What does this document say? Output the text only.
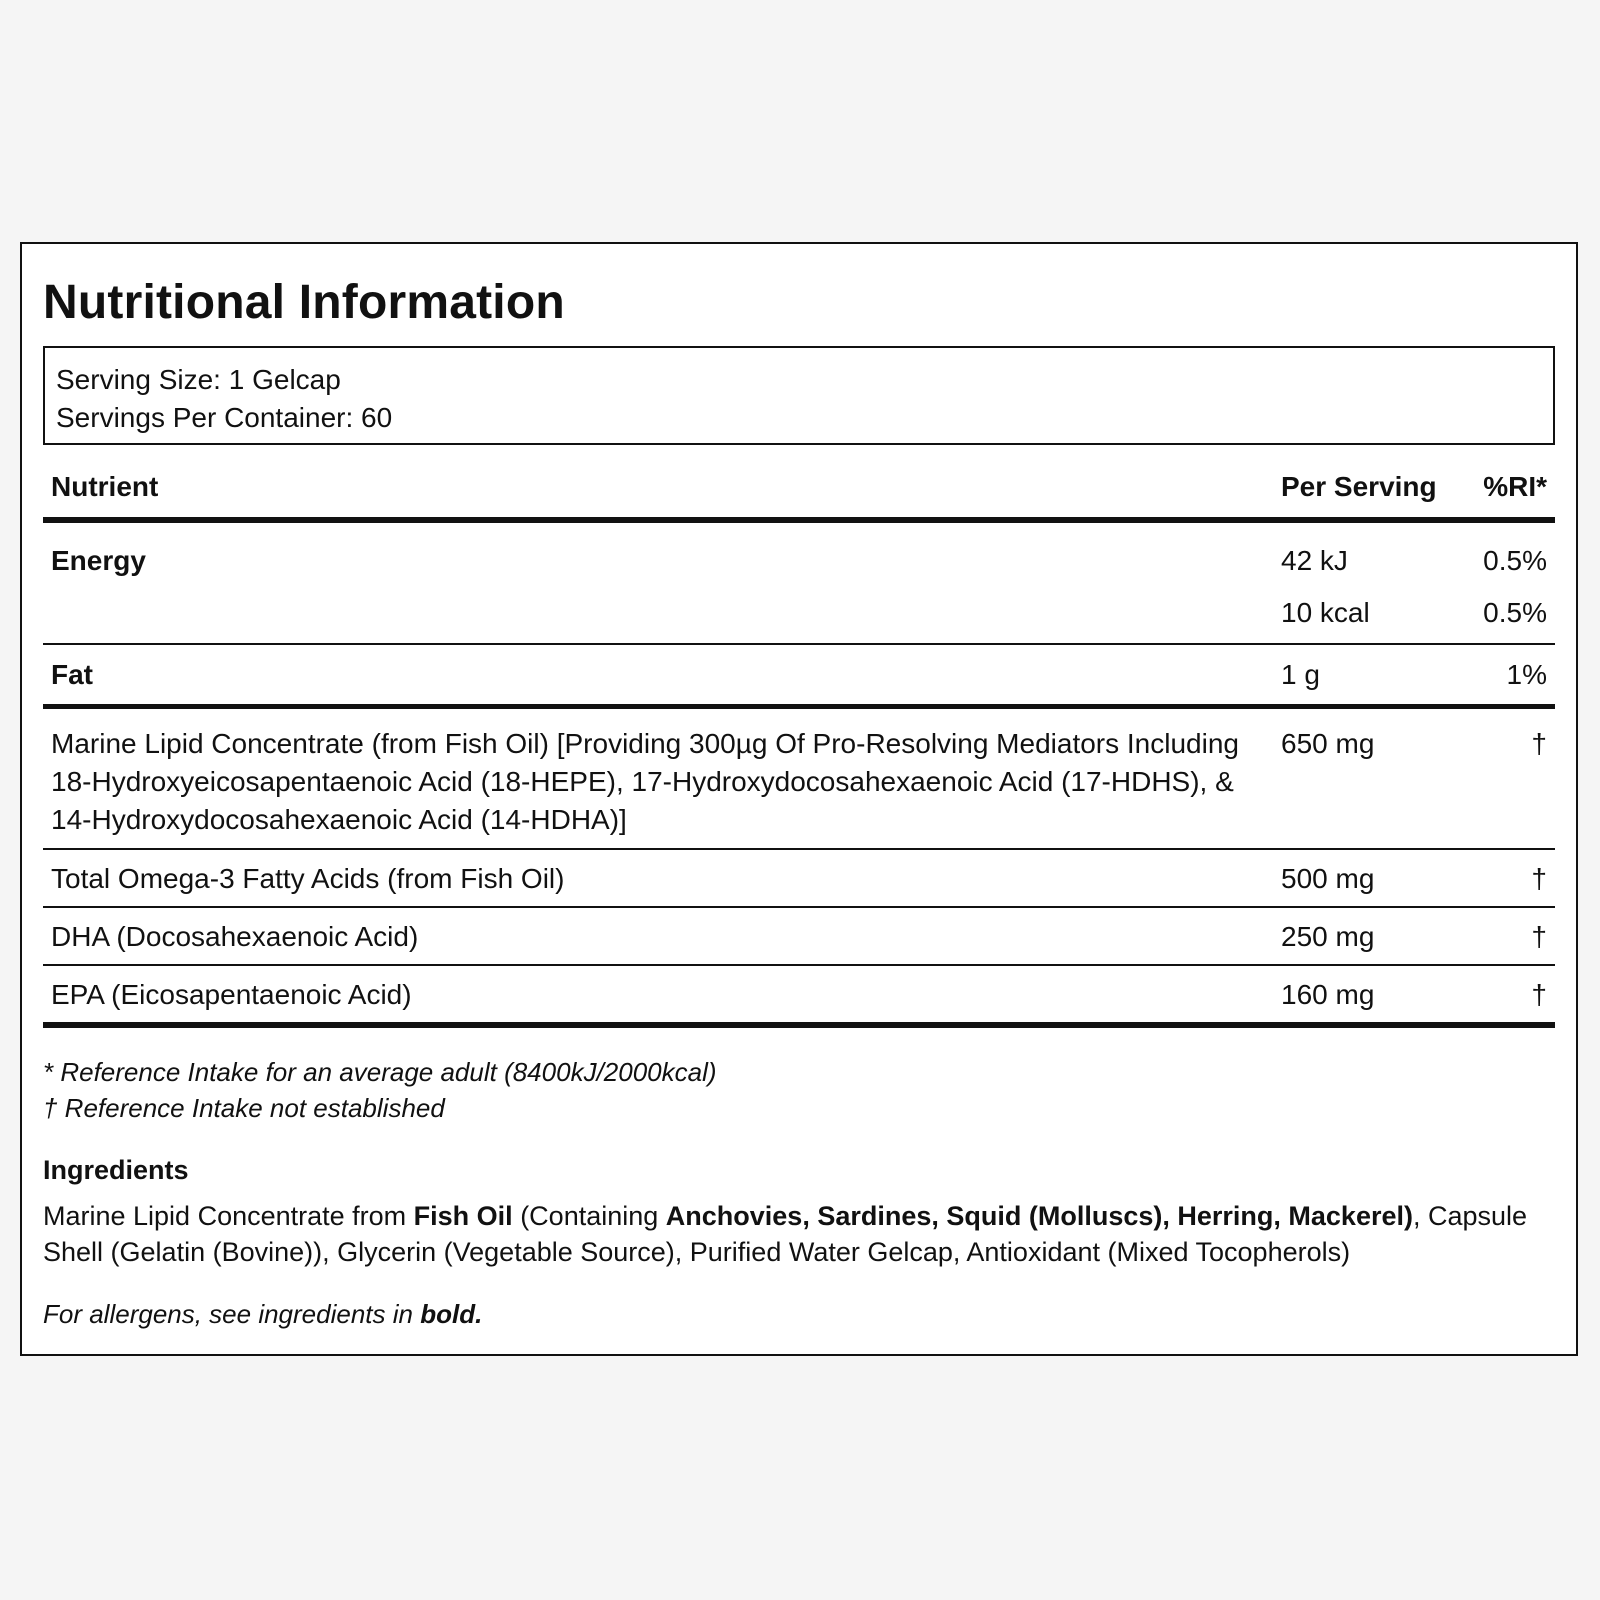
Nutritional Information
Serving Size: 1 Gelcap
Servings Per Container: 60
Nutrient	Per Serving	%RI*
Energy	42 kJ	0.5%
	10 kcal	0.5%
Fat	1 g	1%
Marine Lipid Concentrate (from Fish Oil) [Providing 300µg Of Pro-Resolving Mediators Including 18-Hydroxyeicosapentaenoic Acid (18-HEPE), 17-Hydroxydocosahexaenoic Acid (17-HDHS), & 14-Hydroxydocosahexaenoic Acid (14-HDHA)]	650 mg	†
Total Omega-3 Fatty Acids (from Fish Oil)	500 mg	†
DHA (Docosahexaenoic Acid)	250 mg	†
EPA (Eicosapentaenoic Acid)	160 mg	†
* Reference Intake for an average adult (8400kJ/2000kcal)
† Reference Intake not established
Ingredients
Marine Lipid Concentrate from Fish Oil (Containing Anchovies, Sardines, Squid (Molluscs), Herring, Mackerel), Capsule Shell (Gelatin (Bovine)), Glycerin (Vegetable Source), Purified Water Gelcap, Antioxidant (Mixed Tocopherols)
For allergens, see ingredients in bold.
